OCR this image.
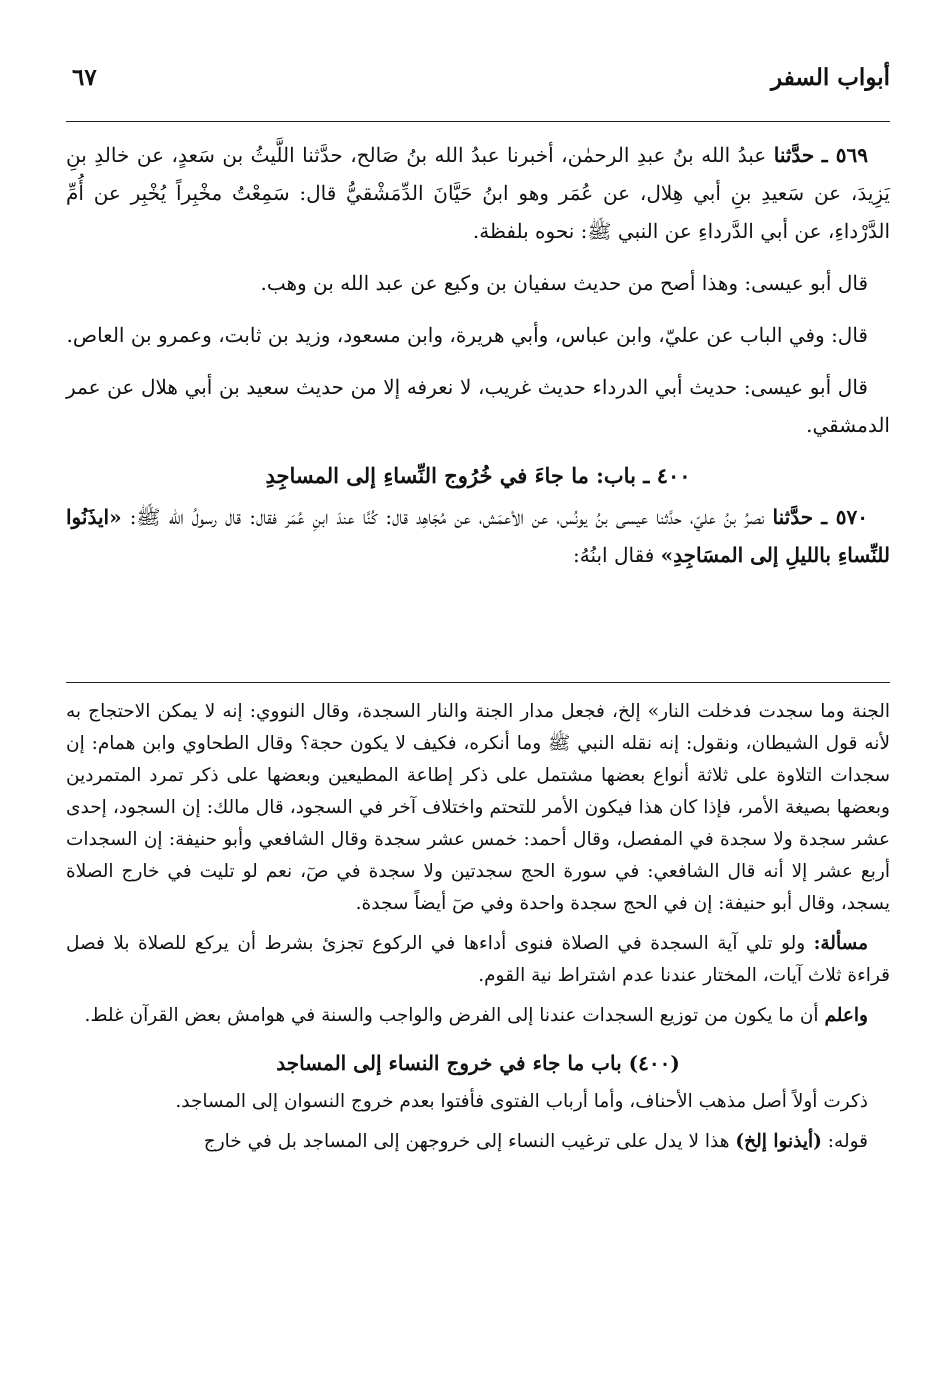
أبواب السفر
٦٧

٥٦٩ ـ حدَّثنا عبدُ الله بنُ عبدِ الرحمٰن، أخبرنا عبدُ الله بنُ صَالح، حدَّثنا اللَّيثُ بن سَعدٍ، عن خالدِ بنِ يَزِيدَ، عن سَعيدِ بنِ أبي هِلال، عن عُمَر وهو ابنُ حَيَّانَ الدِّمَشْقيُّ قال: سَمِعْتُ مخْبِراً يُخْبِر عن أُمِّ الدَّرْداءِ، عن أبي الدَّرداءِ عن النبي ﷺ: نحوه بلفظة.

قال أبو عيسى: وهذا أصح من حديث سفيان بن وكيع عن عبد الله بن وهب.

قال: وفي الباب عن عليّ، وابن عباس، وأبي هريرة، وابن مسعود، وزيد بن ثابت، وعمرو بن العاص.

قال أبو عيسى: حديث أبي الدرداء حديث غريب، لا نعرفه إلا من حديث سعيد بن أبي هلال عن عمر الدمشقي.

٤٠٠ ـ باب: ما جاءَ في خُرُوج النِّساءِ إلى المساجِدِ

٥٧٠ ـ حدَّثنا نصرُ بنُ عليّ، حدَّثنا عيسى بنُ يونُس، عن الأعمَش، عن مُجَاهِد قال: كُنَّا عندَ ابنِ عُمَر فقال: قال رسولُ الله ﷺ: «ايذَنُوا للنِّساءِ بالليلِ إلى المسَاجِدِ» فقال ابنُهُ:

الجنة وما سجدت فدخلت النار» إلخ، فجعل مدار الجنة والنار السجدة، وقال النووي: إنه لا يمكن الاحتجاج به لأنه قول الشيطان، ونقول: إنه نقله النبي ﷺ وما أنكره، فكيف لا يكون حجة؟ وقال الطحاوي وابن همام: إن سجدات التلاوة على ثلاثة أنواع بعضها مشتمل على ذكر إطاعة المطيعين وبعضها على ذكر تمرد المتمردين وبعضها بصيغة الأمر، فإذا كان هذا فيكون الأمر للتحتم واختلاف آخر في السجود، قال مالك: إن السجود، إحدى عشر سجدة ولا سجدة في المفصل، وقال أحمد: خمس عشر سجدة وقال الشافعي وأبو حنيفة: إن السجدات أربع عشر إلا أنه قال الشافعي: في سورة الحج سجدتين ولا سجدة في صٓ، نعم لو تليت في خارج الصلاة يسجد، وقال أبو حنيفة: إن في الحج سجدة واحدة وفي صٓ أيضاً سجدة.

مسألة: ولو تلي آية السجدة في الصلاة فنوى أداءها في الركوع تجزئ بشرط أن يركع للصلاة بلا فصل قراءة ثلاث آيات، المختار عندنا عدم اشتراط نية القوم.

واعلم أن ما يكون من توزيع السجدات عندنا إلى الفرض والواجب والسنة في هوامش بعض القرآن غلط.

(٤٠٠) باب ما جاء في خروج النساء إلى المساجد

ذكرت أولاً أصل مذهب الأحناف، وأما أرباب الفتوى فأفتوا بعدم خروج النسوان إلى المساجد.

قوله: (أيذنوا إلخ) هذا لا يدل على ترغيب النساء إلى خروجهن إلى المساجد بل في خارج
